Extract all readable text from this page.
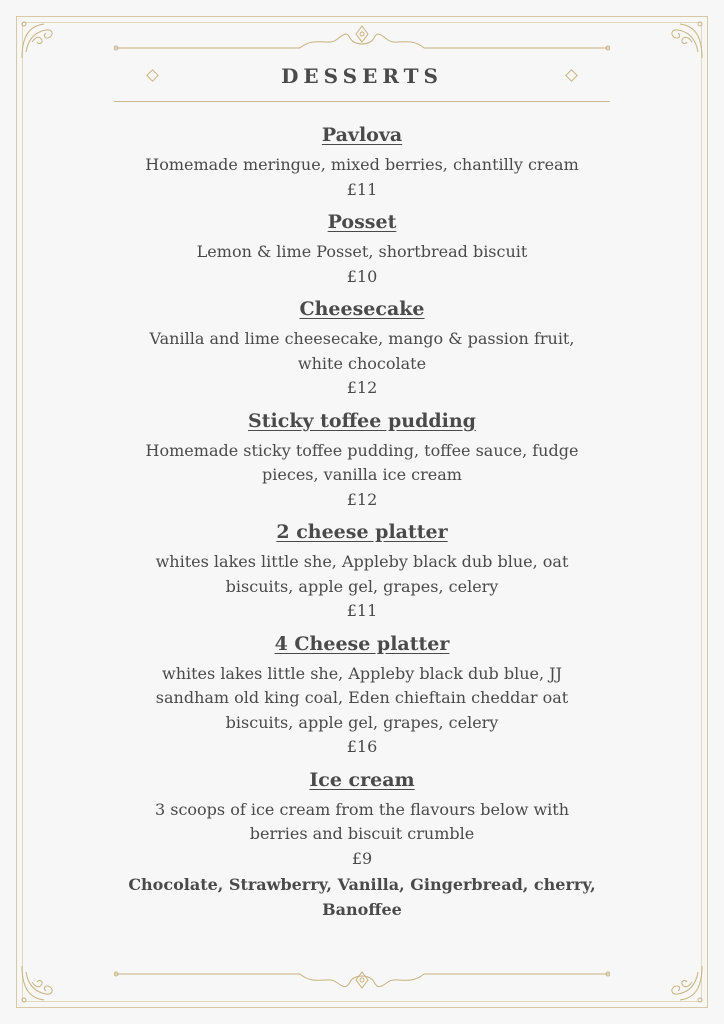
DESSERTS
Pavlova
Homemade meringue, mixed berries, chantilly cream
£11
Posset
Lemon & lime Posset, shortbread biscuit
£10
Cheesecake
Vanilla and lime cheesecake, mango & passion fruit, white chocolate
£12
Sticky toffee pudding
Homemade sticky toffee pudding, toffee sauce, fudge pieces, vanilla ice cream
£12
2 cheese platter
whites lakes little she, Appleby black dub blue, oat biscuits, apple gel, grapes, celery
£11
4 Cheese platter
whites lakes little she, Appleby black dub blue, JJ sandham old king coal, Eden chieftain cheddar oat biscuits, apple gel, grapes, celery
£16
Ice cream
3 scoops of ice cream from the flavours below with berries and biscuit crumble
£9
Chocolate, Strawberry, Vanilla, Gingerbread, cherry, Banoffee
